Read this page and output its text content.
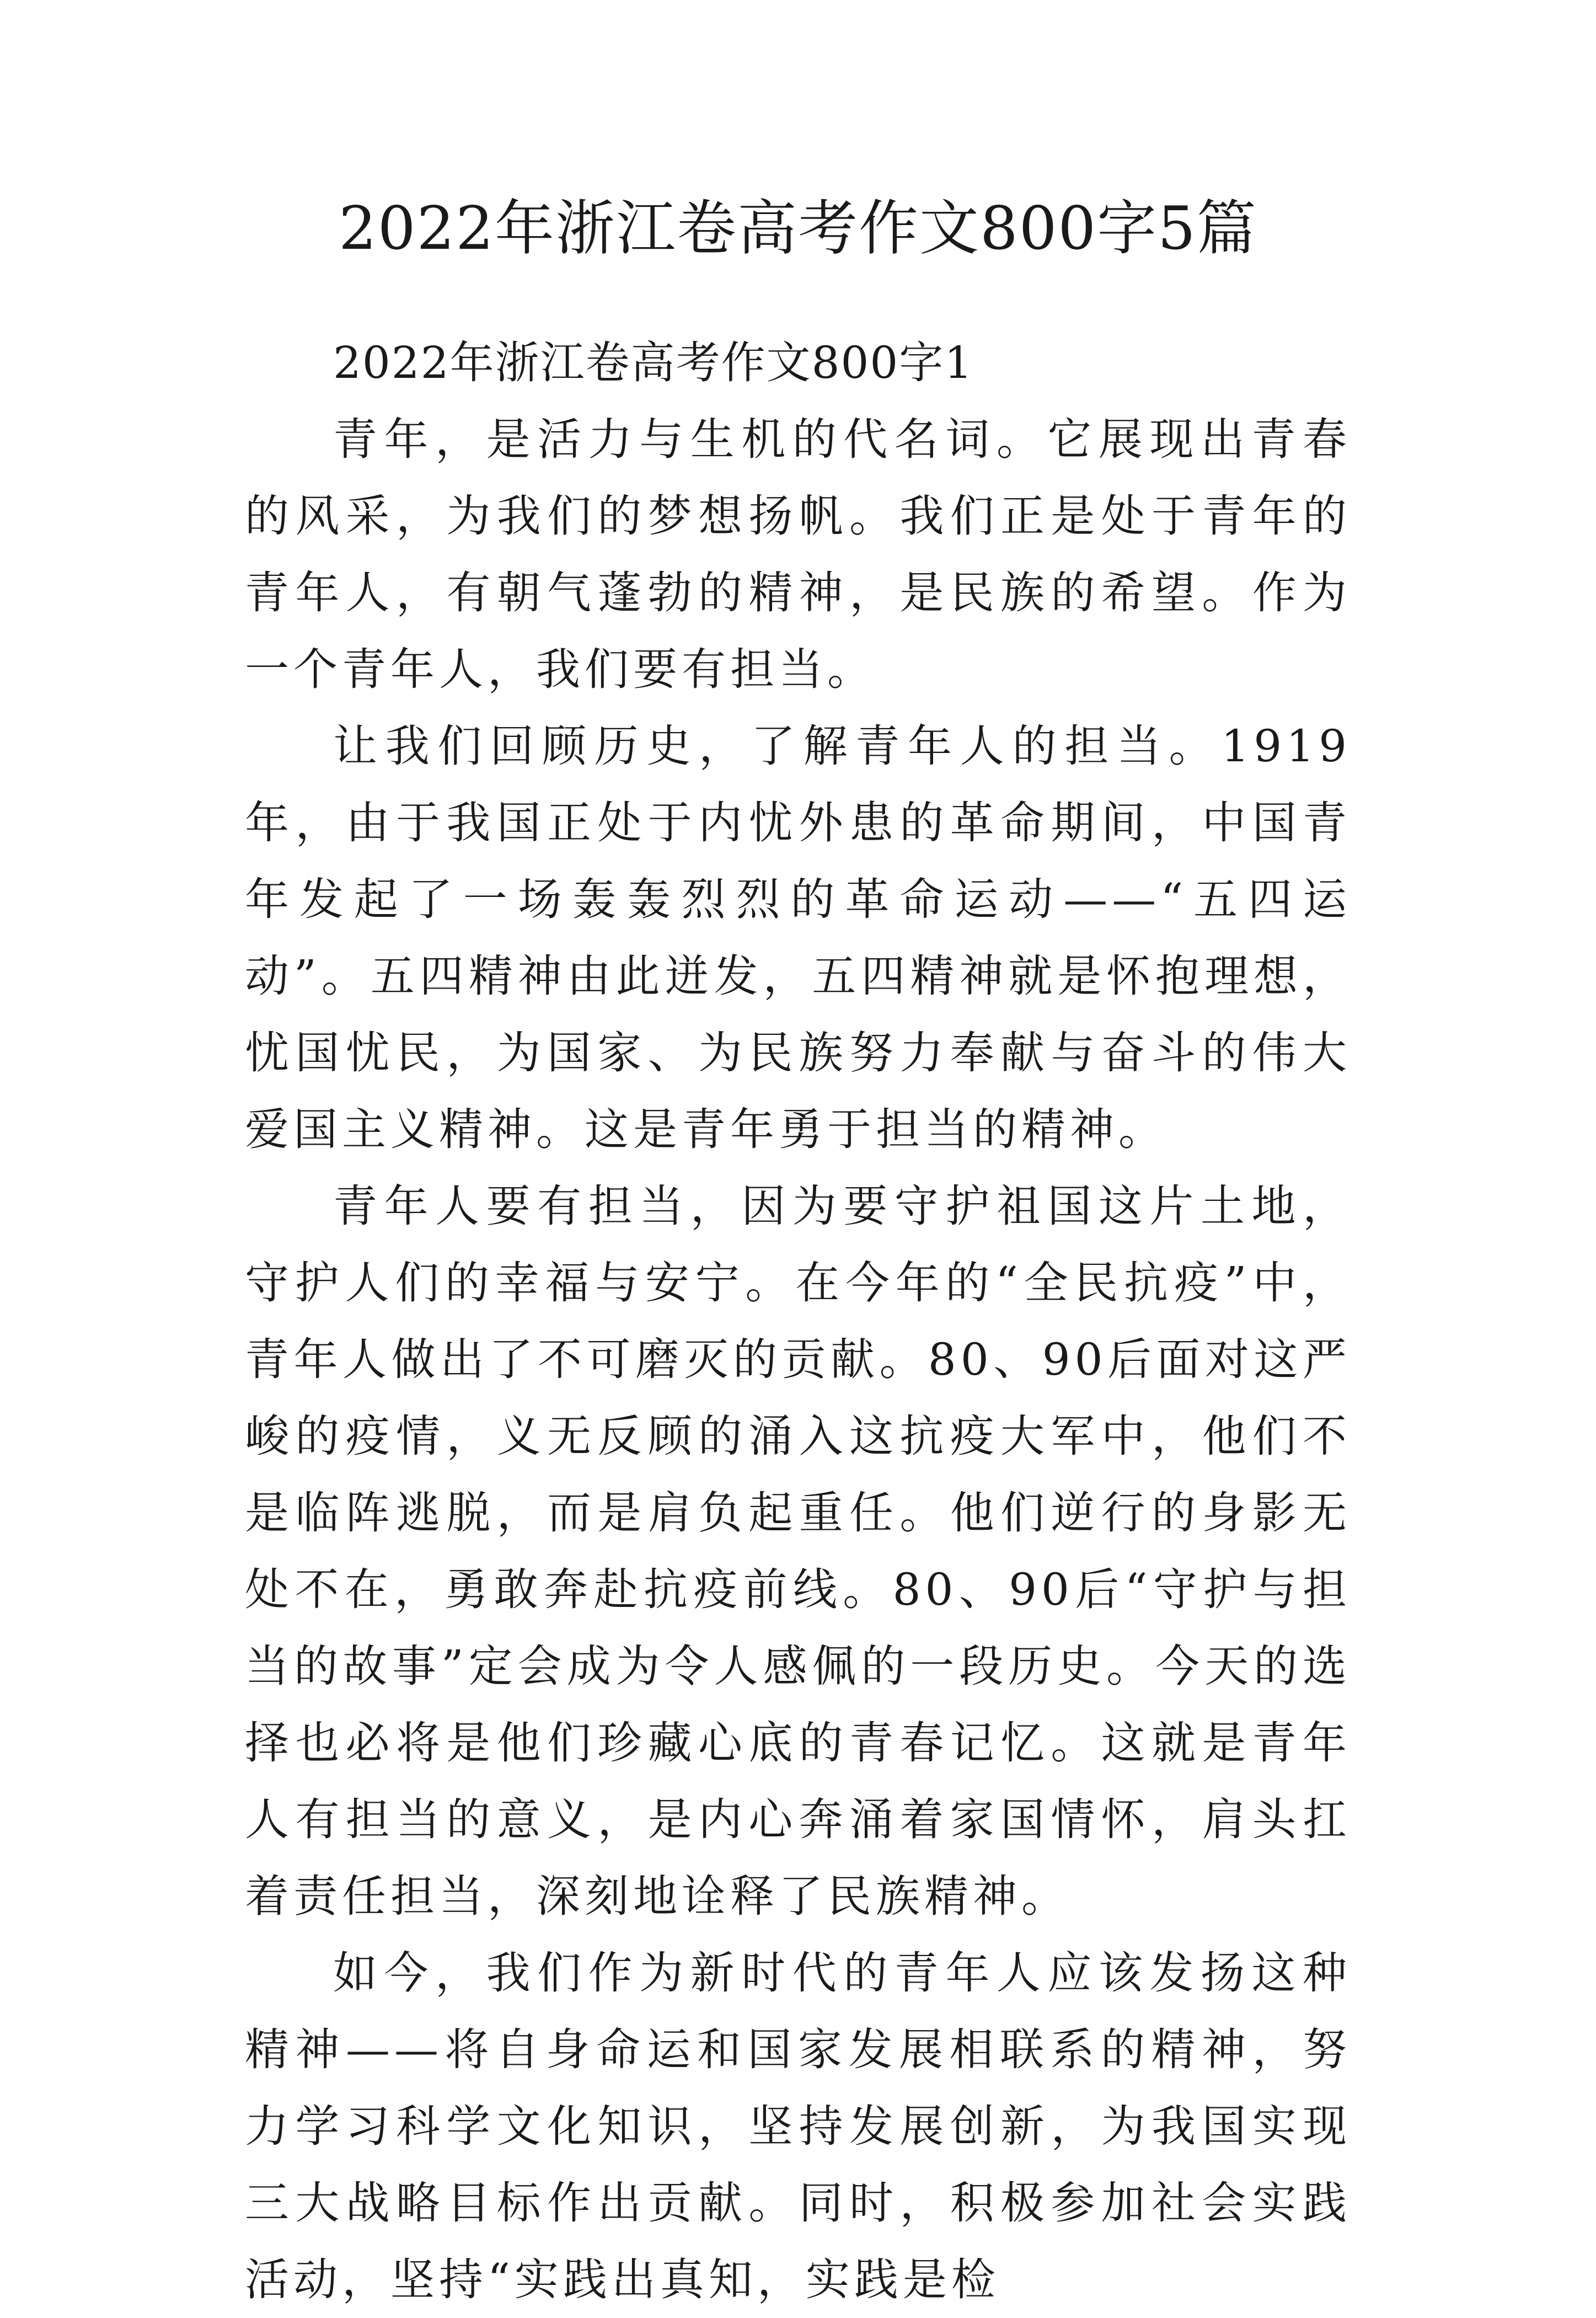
2022年浙江卷高考作文800字5篇

2022年浙江卷高考作文800字1

青年，是活力与生机的代名词。它展现出青春的风采，为我们的梦想扬帆。我们正是处于青年的青年人，有朝气蓬勃的精神，是民族的希望。作为一个青年人，我们要有担当。

让我们回顾历史，了解青年人的担当。1919年，由于我国正处于内忧外患的革命期间，中国青年发起了一场轰轰烈烈的革命运动——“五四运动”。五四精神由此迸发，五四精神就是怀抱理想，忧国忧民，为国家、为民族努力奉献与奋斗的伟大爱国主义精神。这是青年勇于担当的精神。

青年人要有担当，因为要守护祖国这片土地，守护人们的幸福与安宁。在今年的“全民抗疫”中，青年人做出了不可磨灭的贡献。80、90后面对这严峻的疫情，义无反顾的涌入这抗疫大军中，他们不是临阵逃脱，而是肩负起重任。他们逆行的身影无处不在，勇敢奔赴抗疫前线。80、90后“守护与担当的故事”定会成为令人感佩的一段历史。今天的选择也必将是他们珍藏心底的青春记忆。这就是青年人有担当的意义，是内心奔涌着家国情怀，肩头扛着责任担当，深刻地诠释了民族精神。

如今，我们作为新时代的青年人应该发扬这种精神——将自身命运和国家发展相联系的精神，努力学习科学文化知识，坚持发展创新，为我国实现三大战略目标作出贡献。同时，积极参加社会实践活动，坚持“实践出真知，实践是检
